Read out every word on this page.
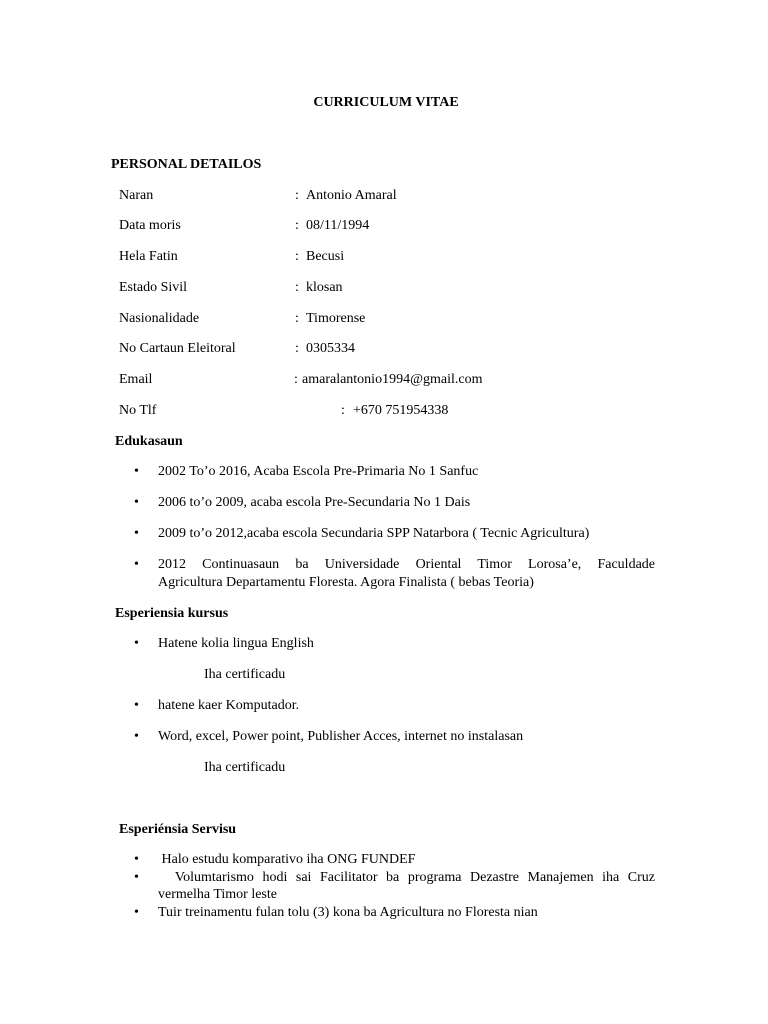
CURRICULUM VITAE
PERSONAL DETAILOS
Naran	: Antonio Amaral
Data moris	: 08/11/1994
Hela Fatin	: Becusi
Estado Sivil	: klosan
Nasionalidade	: Timorense
No Cartaun Eleitoral	: 0305334
Email	: amaralantonio1994@gmail.com
No Tlf	: +670 751954338
Edukasaun
• 2002 To’o 2016, Acaba Escola Pre-Primaria No 1 Sanfuc
• 2006 to’o 2009, acaba escola Pre-Secundaria No 1 Dais
• 2009 to’o 2012,acaba escola Secundaria SPP Natarbora ( Tecnic Agricultura)
• 2012 Continuasaun ba Universidade Oriental Timor Lorosa’e, Faculdade
Agricultura Departamentu Floresta. Agora Finalista ( bebas Teoria)
Esperiensia kursus
• Hatene kolia lingua English
Iha certificadu
• hatene kaer Komputador.
• Word, excel, Power point, Publisher Acces, internet no instalasan
Iha certificadu
Esperiénsia Servisu
• Halo estudu komparativo iha ONG FUNDEF
• Volumtarismo hodi sai Facilitator ba programa Dezastre Manajemen iha Cruz
vermelha Timor leste
• Tuir treinamentu fulan tolu (3) kona ba Agricultura no Floresta nian
